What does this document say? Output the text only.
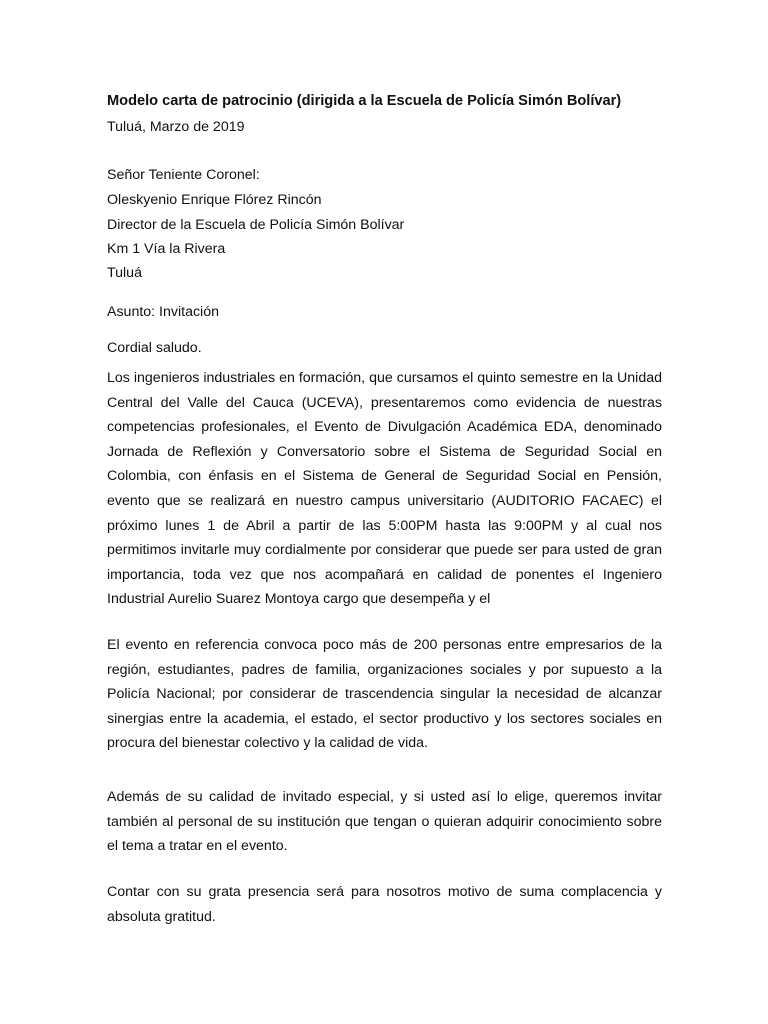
Modelo carta de patrocinio (dirigida a la Escuela de Policía Simón Bolívar)
Tuluá, Marzo de 2019
Señor Teniente Coronel:
Oleskyenio Enrique Flórez Rincón
Director de la Escuela de Policía Simón Bolívar
Km 1 Vía la Rivera
Tuluá
Asunto: Invitación
Cordial saludo.
Los ingenieros industriales en formación, que cursamos el quinto semestre en la Unidad Central del Valle del Cauca (UCEVA), presentaremos como evidencia de nuestras competencias profesionales, el Evento de Divulgación Académica EDA, denominado Jornada de Reflexión y Conversatorio sobre el Sistema de Seguridad Social en Colombia, con énfasis en el Sistema de General de Seguridad Social en Pensión, evento que se realizará en nuestro campus universitario (AUDITORIO FACAEC) el próximo lunes 1 de Abril a partir de las 5:00PM hasta las 9:00PM y al cual nos permitimos invitarle muy cordialmente por considerar que puede ser para usted de gran importancia, toda vez que nos acompañará en calidad de ponentes el Ingeniero Industrial Aurelio Suarez Montoya cargo que desempeña y el
El evento en referencia convoca poco más de 200 personas entre empresarios de la región, estudiantes, padres de familia, organizaciones sociales y por supuesto a la Policía Nacional; por considerar de trascendencia singular la necesidad de alcanzar sinergias entre la academia, el estado, el sector productivo y los sectores sociales en procura del bienestar colectivo y la calidad de vida.
Además de su calidad de invitado especial, y si usted así lo elige, queremos invitar también al personal de su institución que tengan o quieran adquirir conocimiento sobre el tema a tratar en el evento.
Contar con su grata presencia será para nosotros motivo de suma complacencia y absoluta gratitud.
